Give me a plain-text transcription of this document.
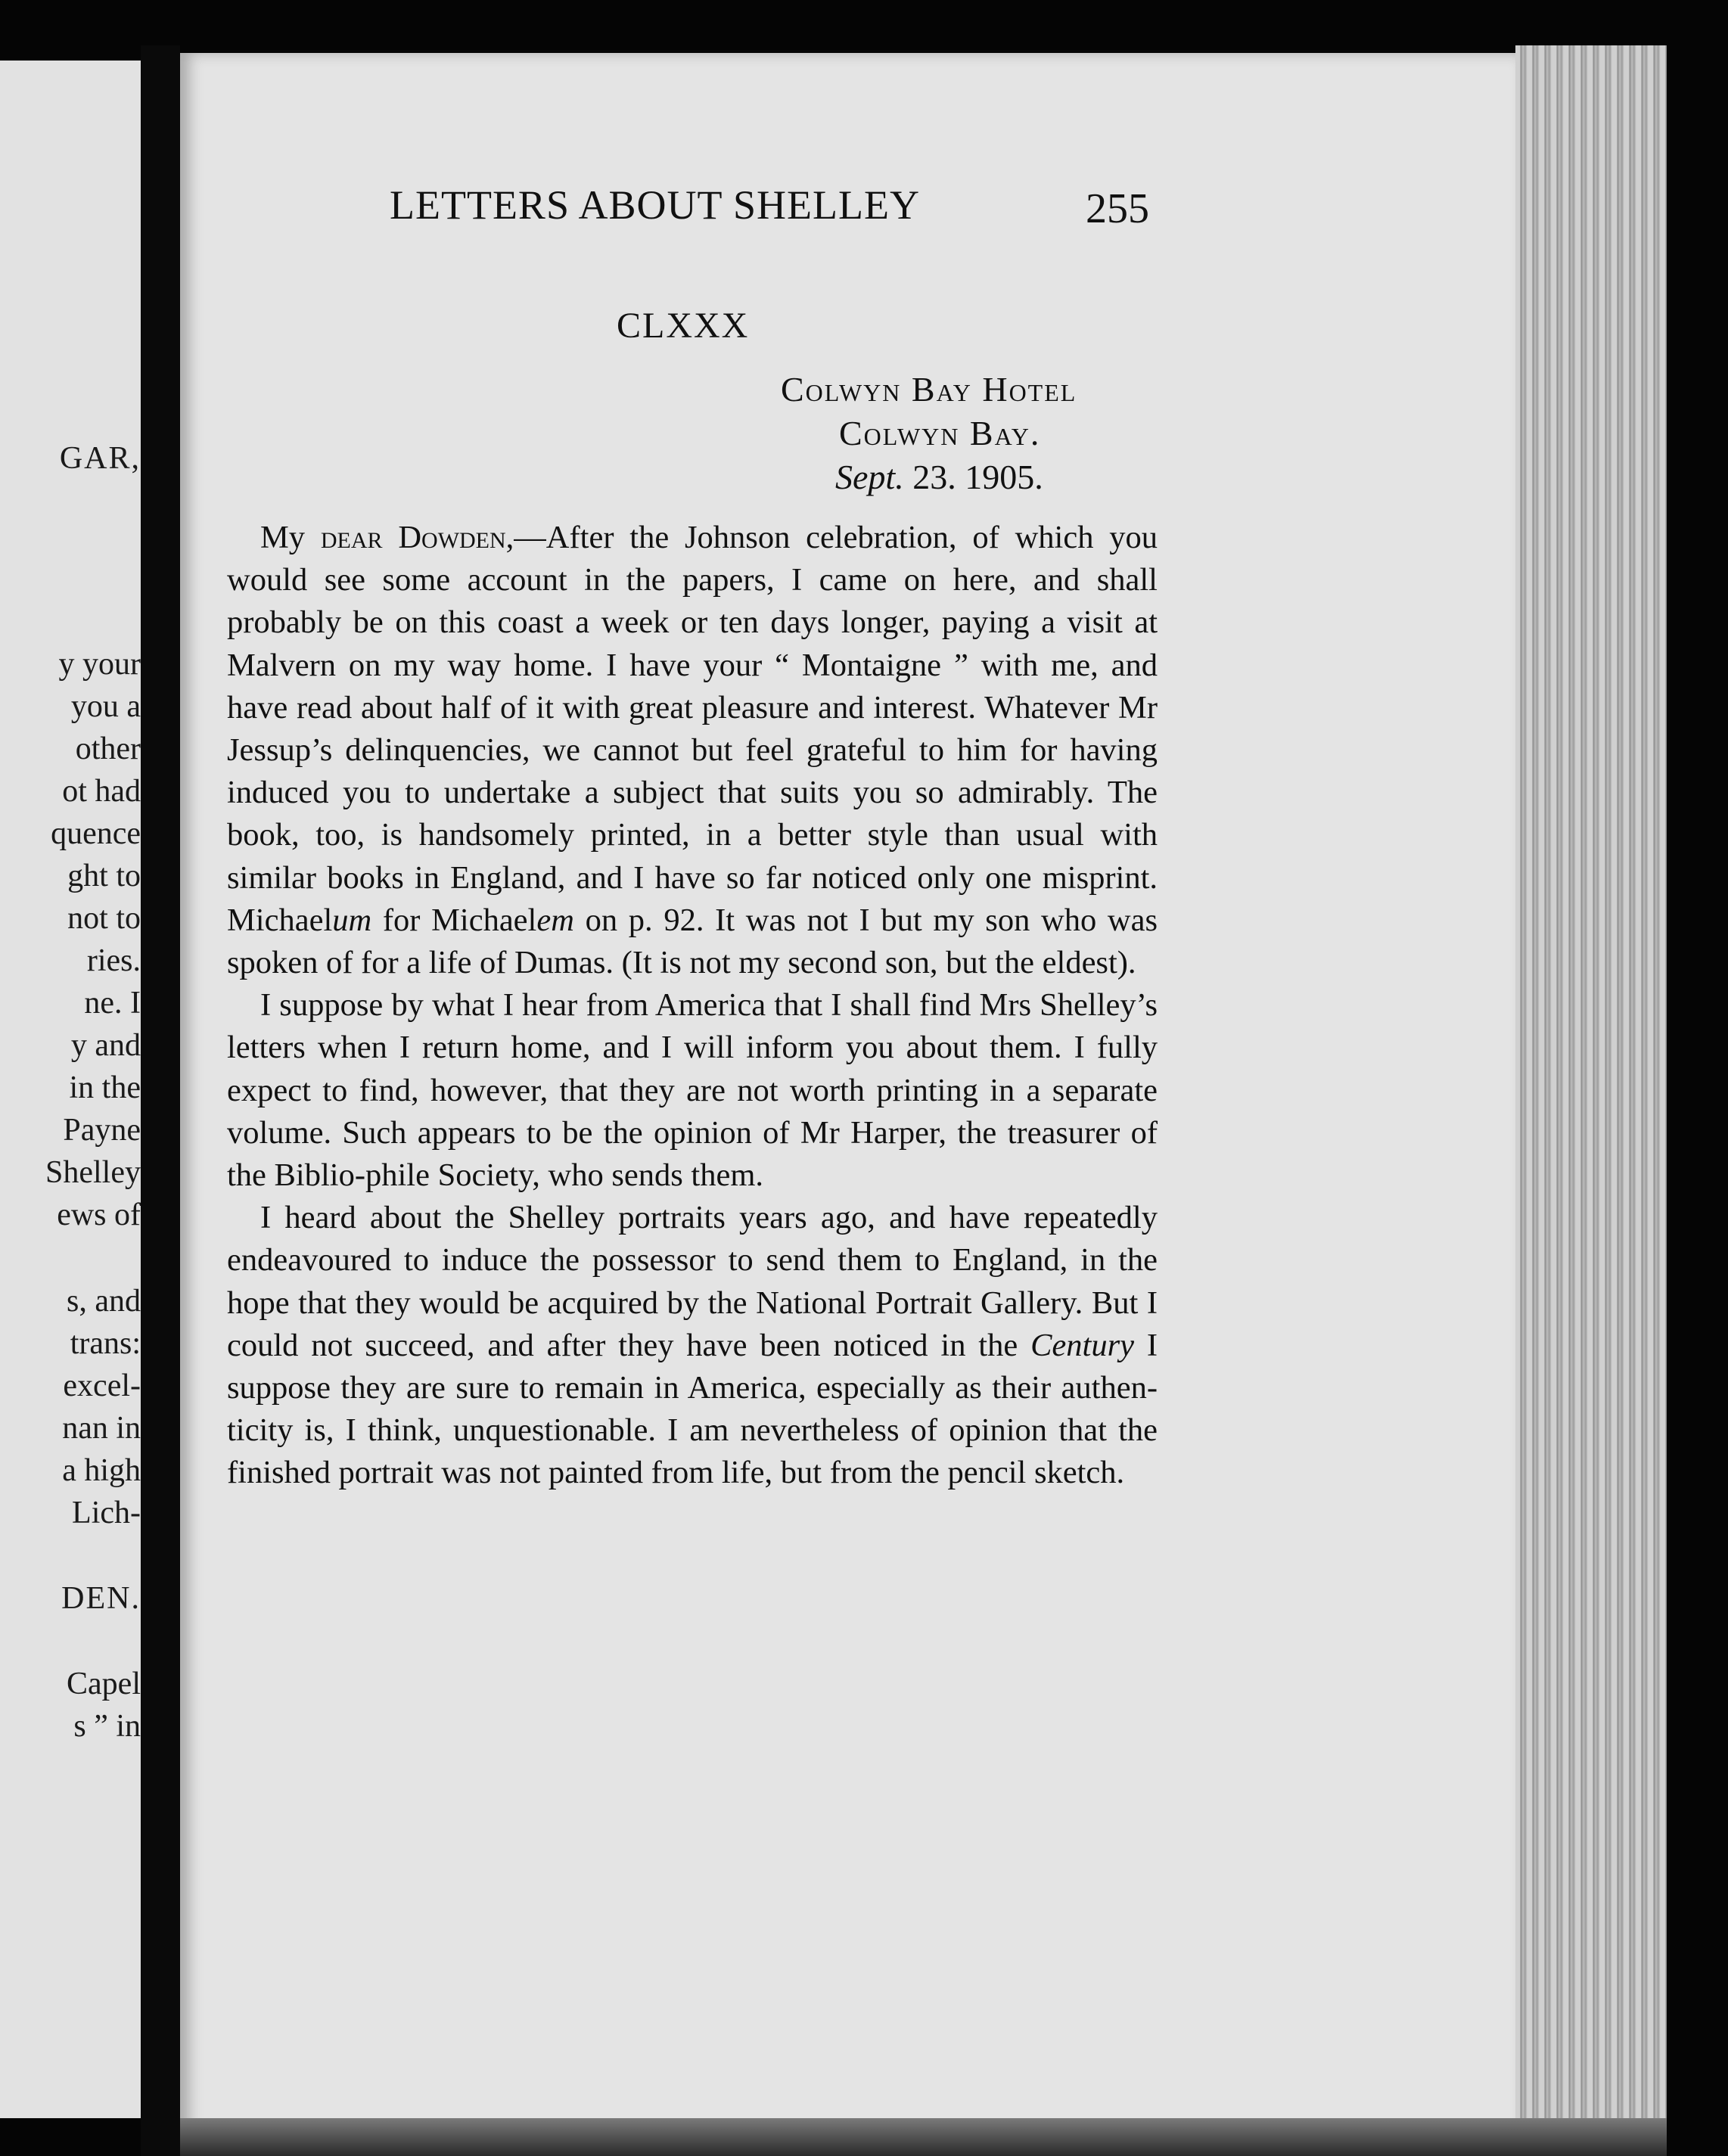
GAR,
y your
you a
other
ot had
quence
ght to
not to
ries.
ne. I
y and
in the
Payne
Shelley
ews of
s, and
trans:
excel-
nan in
a high
Lich-
DEN.
Capel
s ” in
LETTERS ABOUT SHELLEY	255
CLXXX
Colwyn Bay Hotel
Colwyn Bay.
Sept. 23. 1905.

My dear Dowden,—After the Johnson celebration, of which you would see some account in the papers, I came on here, and shall probably be on this coast a week or ten days longer, paying a visit at Malvern on my way home. I have your “ Montaigne ” with me, and have read about half of it with great pleasure and interest. Whatever Mr Jessup’s delinquencies, we cannot but feel grateful to him for having induced you to undertake a subject that suits you so admirably. The book, too, is handsomely printed, in a better style than usual with similar books in England, and I have so far noticed only one misprint. Michaelum for Michaelem on p. 92. It was not I but my son who was spoken of for a life of Dumas. (It is not my second son, but the eldest).

I suppose by what I hear from America that I shall find Mrs Shelley’s letters when I return home, and I will inform you about them. I fully expect to find, however, that they are not worth printing in a separate volume. Such appears to be the opinion of Mr Harper, the treasurer of the Biblio-phile Society, who sends them.

I heard about the Shelley portraits years ago, and have repeatedly endeavoured to induce the possessor to send them to England, in the hope that they would be acquired by the National Portrait Gallery. But I could not succeed, and after they have been noticed in the Century I suppose they are sure to remain in America, especially as their authen-ticity is, I think, unquestionable. I am nevertheless of opinion that the finished portrait was not painted from life, but from the pencil sketch.
